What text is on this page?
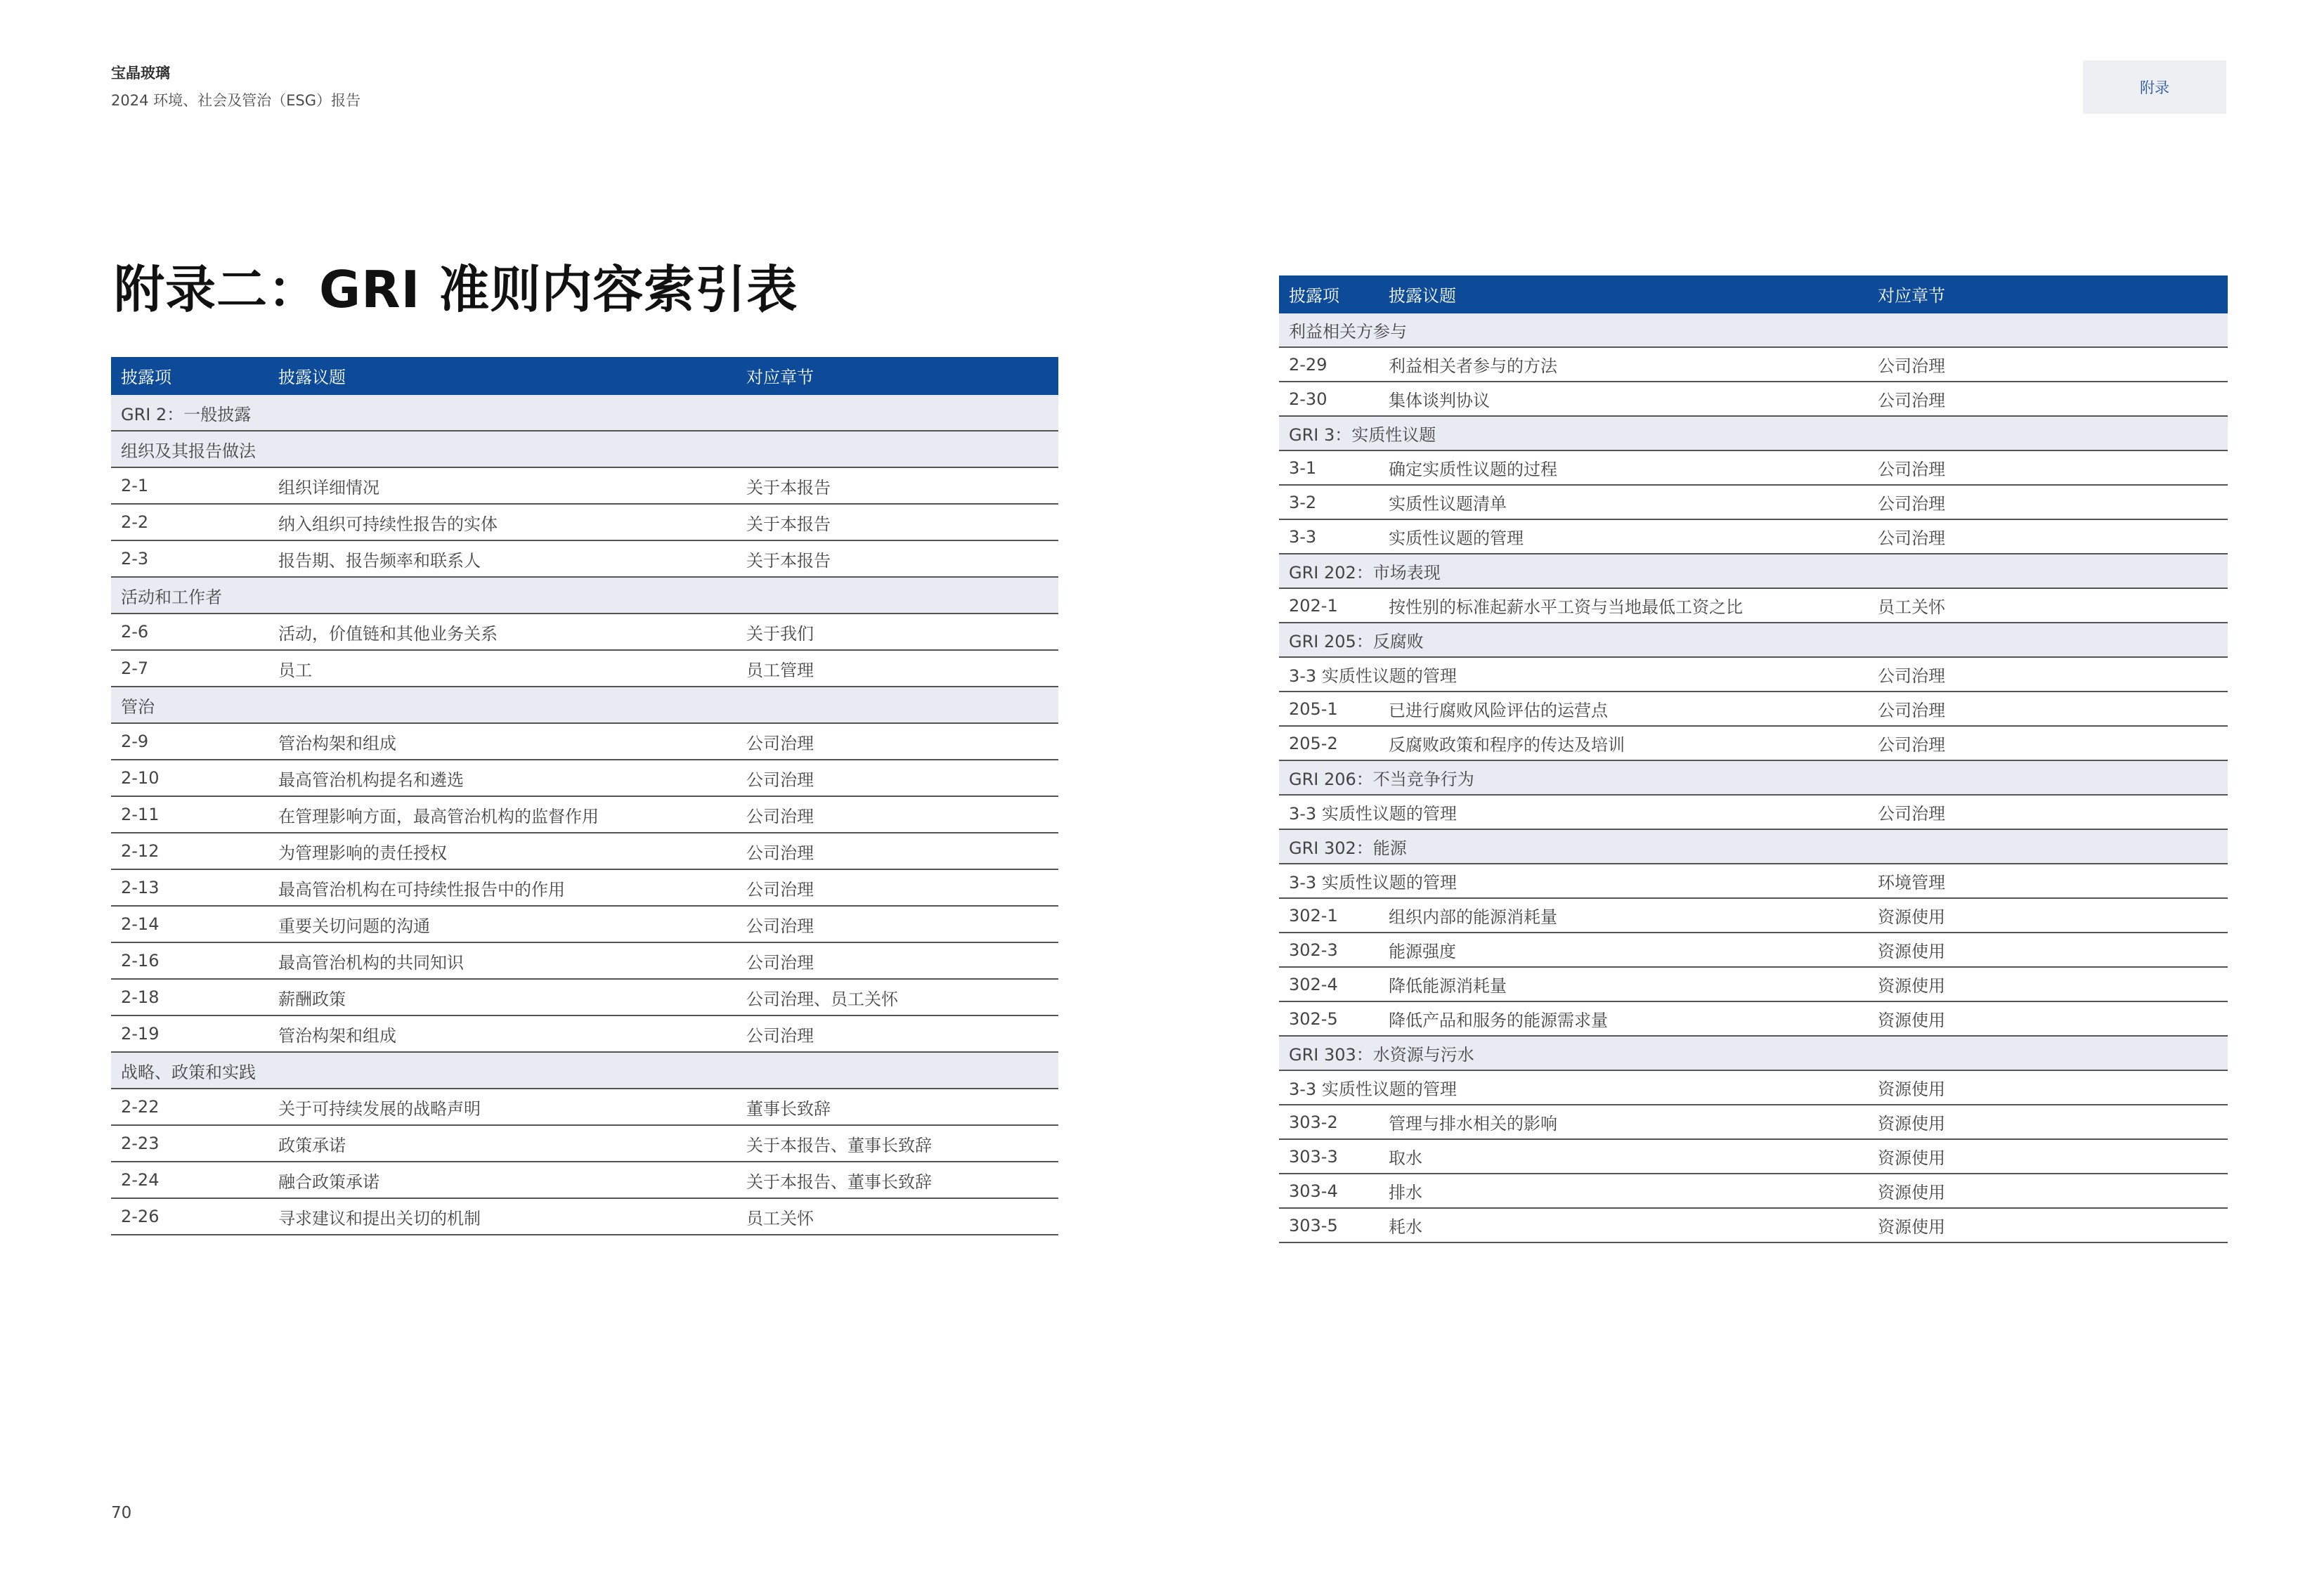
宝晶玻璃
2024 环境、社会及管治（ESG）报告
附录
附录二：GRI 准则内容索引表
披露项	披露议题	对应章节
GRI 2：一般披露		
组织及其报告做法		
2-1	组织详细情况	关于本报告
2-2	纳入组织可持续性报告的实体	关于本报告
2-3	报告期、报告频率和联系人	关于本报告
活动和工作者		
2-6	活动，价值链和其他业务关系	关于我们
2-7	员工	员工管理
管治		
2-9	管治构架和组成	公司治理
2-10	最高管治机构提名和遴选	公司治理
2-11	在管理影响方面，最高管治机构的监督作用	公司治理
2-12	为管理影响的责任授权	公司治理
2-13	最高管治机构在可持续性报告中的作用	公司治理
2-14	重要关切问题的沟通	公司治理
2-16	最高管治机构的共同知识	公司治理
2-18	薪酬政策	公司治理、员工关怀
2-19	管治构架和组成	公司治理
战略、政策和实践		
2-22	关于可持续发展的战略声明	董事长致辞
2-23	政策承诺	关于本报告、董事长致辞
2-24	融合政策承诺	关于本报告、董事长致辞
2-26	寻求建议和提出关切的机制	员工关怀
披露项	披露议题	对应章节
利益相关方参与		
2-29	利益相关者参与的方法	公司治理
2-30	集体谈判协议	公司治理
GRI 3：实质性议题		
3-1	确定实质性议题的过程	公司治理
3-2	实质性议题清单	公司治理
3-3	实质性议题的管理	公司治理
GRI 202：市场表现		
202-1	按性别的标准起薪水平工资与当地最低工资之比	员工关怀
GRI 205：反腐败		
3-3 实质性议题的管理		公司治理
205-1	已进行腐败风险评估的运营点	公司治理
205-2	反腐败政策和程序的传达及培训	公司治理
GRI 206：不当竞争行为		
3-3 实质性议题的管理		公司治理
GRI 302：能源		
3-3 实质性议题的管理		环境管理
302-1	组织内部的能源消耗量	资源使用
302-3	能源强度	资源使用
302-4	降低能源消耗量	资源使用
302-5	降低产品和服务的能源需求量	资源使用
GRI 303：水资源与污水		
3-3 实质性议题的管理		资源使用
303-2	管理与排水相关的影响	资源使用
303-3	取水	资源使用
303-4	排水	资源使用
303-5	耗水	资源使用
70
